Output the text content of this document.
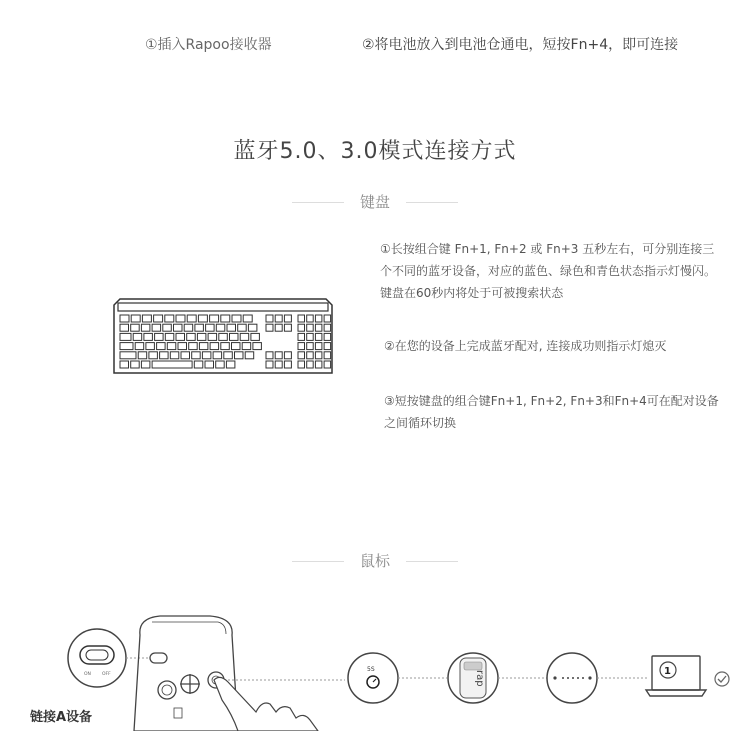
①插入Rapoo接收器	②将电池放入到电池仓通电，短按Fn+4，即可连接
蓝牙5.0、3.0模式连接方式
键盘
①长按组合键 Fn+1, Fn+2 或 Fn+3 五秒左右，可分别连接三个不同的蓝牙设备，对应的蓝色、绿色和青色状态指示灯慢闪。键盘在60秒内将处于可被搜索状态
②在您的设备上完成蓝牙配对, 连接成功则指示灯熄灭
③短按键盘的组合键Fn+1, Fn+2, Fn+3和Fn+4可在配对设备之间循环切换
鼠标
ON OFF
5S
rap	1
链接A设备
